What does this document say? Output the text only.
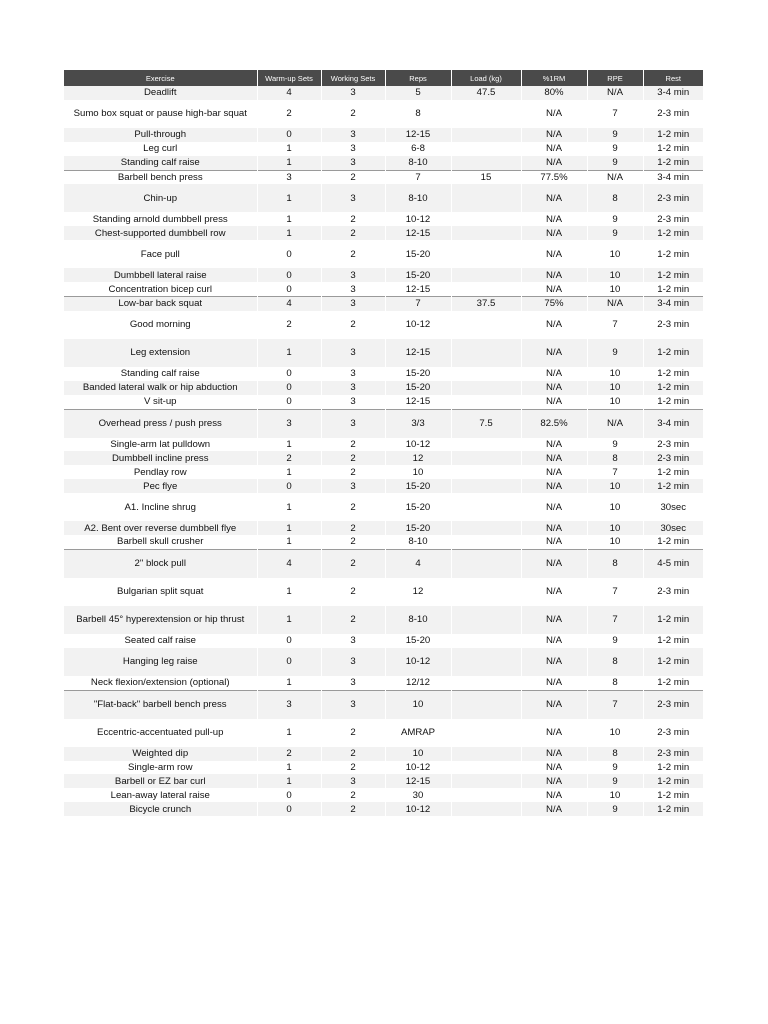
Exercise	Warm-up Sets	Working Sets	Reps	Load (kg)	%1RM	RPE	Rest
Deadlift	4	3	5	47.5	80%	N/A	3-4 min
Sumo box squat or pause high-bar squat	2	2	8		N/A	7	2-3 min
Pull-through	0	3	12-15		N/A	9	1-2 min
Leg curl	1	3	6-8		N/A	9	1-2 min
Standing calf raise	1	3	8-10		N/A	9	1-2 min
Barbell bench press	3	2	7	15	77.5%	N/A	3-4 min
Chin-up	1	3	8-10		N/A	8	2-3 min
Standing arnold dumbbell press	1	2	10-12		N/A	9	2-3 min
Chest-supported dumbbell row	1	2	12-15		N/A	9	1-2 min
Face pull	0	2	15-20		N/A	10	1-2 min
Dumbbell lateral raise	0	3	15-20		N/A	10	1-2 min
Concentration bicep curl	0	3	12-15		N/A	10	1-2 min
Low-bar back squat	4	3	7	37.5	75%	N/A	3-4 min
Good morning	2	2	10-12		N/A	7	2-3 min
Leg extension	1	3	12-15		N/A	9	1-2 min
Standing calf raise	0	3	15-20		N/A	10	1-2 min
Banded lateral walk or hip abduction	0	3	15-20		N/A	10	1-2 min
V sit-up	0	3	12-15		N/A	10	1-2 min
Overhead press / push press	3	3	3/3	7.5	82.5%	N/A	3-4 min
Single-arm lat pulldown	1	2	10-12		N/A	9	2-3 min
Dumbbell incline press	2	2	12		N/A	8	2-3 min
Pendlay row	1	2	10		N/A	7	1-2 min
Pec flye	0	3	15-20		N/A	10	1-2 min
A1. Incline shrug	1	2	15-20		N/A	10	30sec
A2. Bent over reverse dumbbell flye	1	2	15-20		N/A	10	30sec
Barbell skull crusher	1	2	8-10		N/A	10	1-2 min
2" block pull	4	2	4		N/A	8	4-5 min
Bulgarian split squat	1	2	12		N/A	7	2-3 min
Barbell 45° hyperextension or hip thrust	1	2	8-10		N/A	7	1-2 min
Seated calf raise	0	3	15-20		N/A	9	1-2 min
Hanging leg raise	0	3	10-12		N/A	8	1-2 min
Neck flexion/extension (optional)	1	3	12/12		N/A	8	1-2 min
"Flat-back" barbell bench press	3	3	10		N/A	7	2-3 min
Eccentric-accentuated pull-up	1	2	AMRAP		N/A	10	2-3 min
Weighted dip	2	2	10		N/A	8	2-3 min
Single-arm row	1	2	10-12		N/A	9	1-2 min
Barbell or EZ bar curl	1	3	12-15		N/A	9	1-2 min
Lean-away lateral raise	0	2	30		N/A	10	1-2 min
Bicycle crunch	0	2	10-12		N/A	9	1-2 min
